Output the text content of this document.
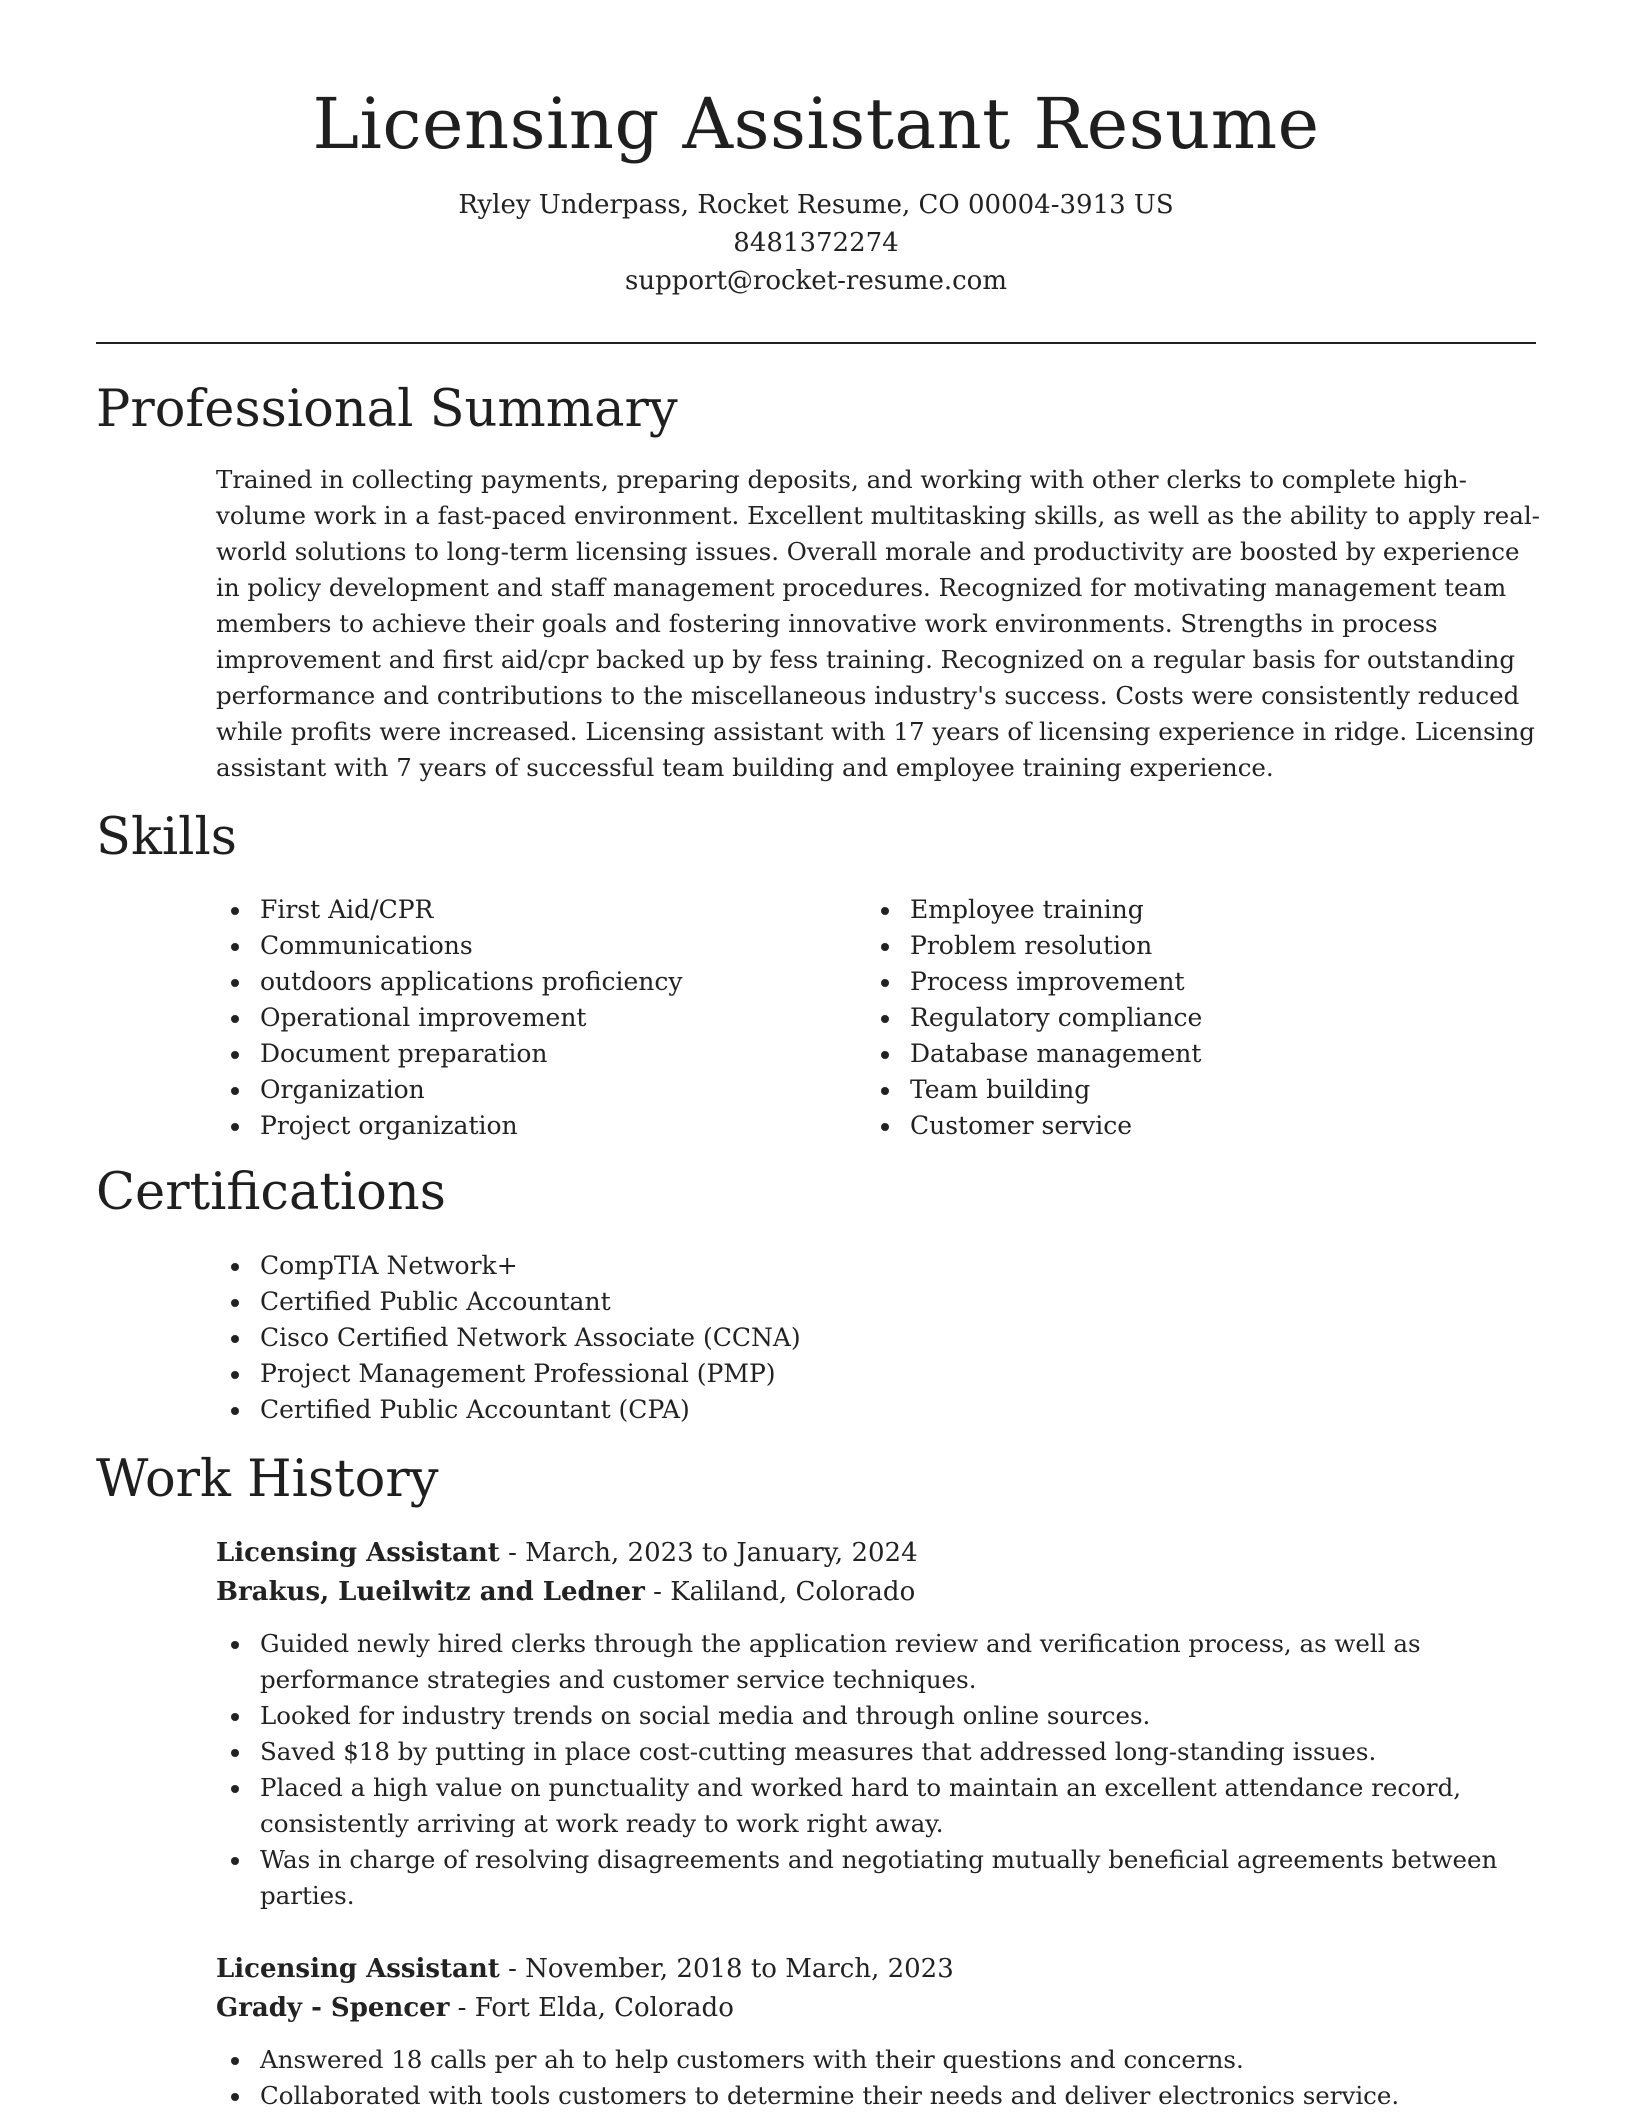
Licensing Assistant Resume
Ryley Underpass, Rocket Resume, CO 00004-3913 US
8481372274
support@rocket-resume.com
Professional Summary

Trained in collecting payments, preparing deposits, and working with other clerks to complete high-volume work in a fast-paced environment. Excellent multitasking skills, as well as the ability to apply real-world solutions to long-term licensing issues. Overall morale and productivity are boosted by experience in policy development and staff management procedures. Recognized for motivating management team members to achieve their goals and fostering innovative work environments. Strengths in process improvement and first aid/cpr backed up by fess training. Recognized on a regular basis for outstanding performance and contributions to the miscellaneous industry's success. Costs were consistently reduced while profits were increased. Licensing assistant with 17 years of licensing experience in ridge. Licensing assistant with 7 years of successful team building and employee training experience.

Skills
First Aid/CPR
Communications
outdoors applications proficiency
Operational improvement
Document preparation
Organization
Project organization
Employee training
Problem resolution
Process improvement
Regulatory compliance
Database management
Team building
Customer service
Certifications
CompTIA Network+
Certified Public Accountant
Cisco Certified Network Associate (CCNA)
Project Management Professional (PMP)
Certified Public Accountant (CPA)
Work History
Licensing Assistant - March, 2023 to January, 2024
Brakus, Lueilwitz and Ledner - Kaliland, Colorado
Guided newly hired clerks through the application review and verification process, as well as performance strategies and customer service techniques.
Looked for industry trends on social media and through online sources.
Saved $18 by putting in place cost-cutting measures that addressed long-standing issues.
Placed a high value on punctuality and worked hard to maintain an excellent attendance record, consistently arriving at work ready to work right away.
Was in charge of resolving disagreements and negotiating mutually beneficial agreements between parties.
Licensing Assistant - November, 2018 to March, 2023
Grady - Spencer - Fort Elda, Colorado
Answered 18 calls per ah to help customers with their questions and concerns.
Collaborated with tools customers to determine their needs and deliver electronics service.
